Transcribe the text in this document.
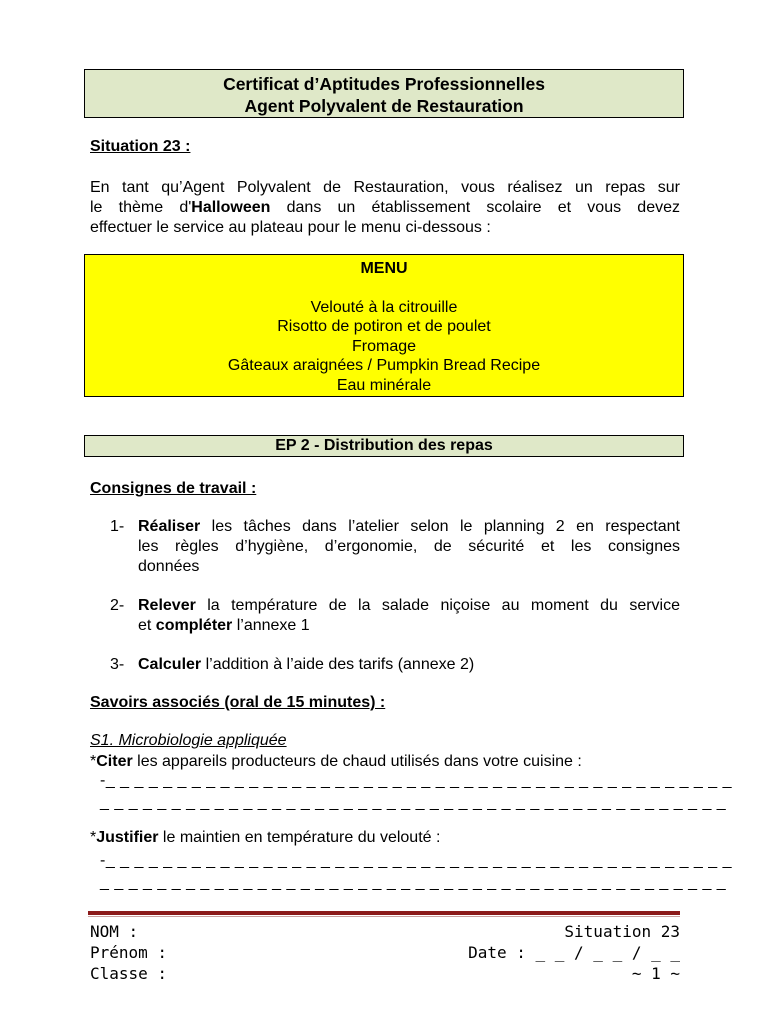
Certificat d’Aptitudes Professionnelles
Agent Polyvalent de Restauration
Situation 23 :
En tant qu’Agent Polyvalent de Restauration, vous réalisez un repas sur
le thème d'Halloween dans un établissement scolaire et vous devez
effectuer le service au plateau pour le menu ci-dessous :
MENU
Velouté à la citrouille
Risotto de potiron et de poulet
Fromage
Gâteaux araignées / Pumpkin Bread Recipe
Eau minérale
EP 2 - Distribution des repas
Consignes de travail :
1- Réaliser les tâches dans l’atelier selon le planning 2 en respectant
les règles d’hygiène, d’ergonomie, de sécurité et les consignes
données
2- Relever la température de la salade niçoise au moment du service
et compléter l’annexe 1
3- Calculer l’addition à l’aide des tarifs (annexe 2)
Savoirs associés (oral de 15 minutes) :
S1. Microbiologie appliquée
*Citer les appareils producteurs de chaud utilisés dans votre cuisine :
-_ _ _ _ _ _ _ _ _ _ _ _ _ _ _ _ _ _ _ _ _ _ _ _ _ _ _ _ _ _ _ _ _ _ _ _ _ _ _ _ _ _ _ _
_ _ _ _ _ _ _ _ _ _ _ _ _ _ _ _ _ _ _ _ _ _ _ _ _ _ _ _ _ _ _ _ _ _ _ _ _ _ _ _ _ _ _ _
*Justifier le maintien en température du velouté :
-_ _ _ _ _ _ _ _ _ _ _ _ _ _ _ _ _ _ _ _ _ _ _ _ _ _ _ _ _ _ _ _ _ _ _ _ _ _ _ _ _ _ _ _
_ _ _ _ _ _ _ _ _ _ _ _ _ _ _ _ _ _ _ _ _ _ _ _ _ _ _ _ _ _ _ _ _ _ _ _ _ _ _ _ _ _ _ _
NOM :
Prénom :
Classe :
Situation 23
Date : _ _ / _ _ / _ _
~ 1 ~
